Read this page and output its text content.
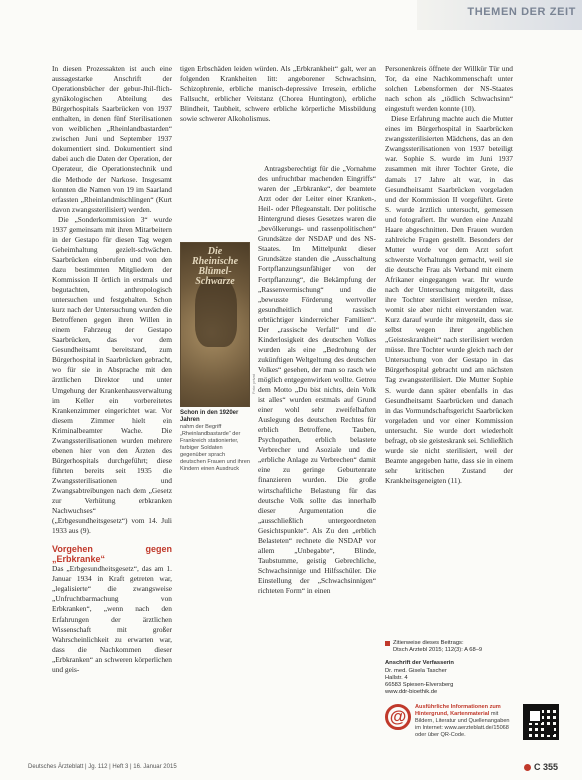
THEMEN DER ZEIT

In diesen Prozessakten ist auch eine aussagestarke Anschrift der Operationsbücher der gebur-Jhil-flich-gynäkologischen Abteilung des Bürgerhospitals Saarbrücken von 1937 enthalten, in denen fünf Sterilisationen von weiblichen „Rheinlandbastarden“ zwischen Juni und September 1937 dokumentiert sind. Dokumentiert sind dabei auch die Daten der Operation, der Operateur, die Operationstechnik und die Methode der Narkose. Insgesamt konnten die Namen von 19 im Saarland erfassten „Rheinlandmischlingen“ (Kurt davon zwangssterilisiert) werden.

Die „Sonderkommission 3“ wurde 1937 gemeinsam mit ihren Mitarbeitern in der Gestapo für diesen Tag wegen Geheimhaltung gezielt-schwächen. Saarbrücken einberufen und von den dazu bestimmten Mitgliedern der Kommission II örtlich in erstmals und begutachten, anthropologisch untersuchen und festgehalten. Schon kurz nach der Untersuchung wurden die Betroffenen gegen ihren Willen in einem Fahrzeug der Gestapo Saarbrücken, das vor dem Gesundheitsamt bereitstand, zum Bürgerhospital in Saarbrücken gebracht, wo für sie in Absprache mit den ärztlichen Direktor und unter Umgehung der Krankenhausverwaltung im Keller ein vorbereitetes Krankenzimmer eingerichtet war. Vor diesem Zimmer hielt ein Kriminalbeamter Wache. Die Zwangssterilisationen wurden mehrere ebenen hier von den Ärzten des Bürgerhospitals durchgeführt; diese führten bereits seit 1935 die Zwangssterilisationen und Zwangsabtreibungen nach dem „Gesetz zur Verhütung erbkranken Nachwuchses“ („Erbgesundheitsgesetz“) vom 14. Juli 1933 aus (9).

Vorgehen gegen „Erbkranke“

Das „Erbgesundheitsgesetz“, das am 1. Januar 1934 in Kraft getreten war, „legalisierte“ die zwangsweise „Unfruchtbarmachung von Erbkranken“, „wenn nach den Erfahrungen der ärztlichen Wissenschaft mit großer Wahrscheinlichkeit zu erwarten war, dass die Nachkommen dieser „Erbkranken“ an schweren körperlichen und geis-

tigen Erbschäden leiden würden. Als „Erbkrankheit“ galt, wer an folgenden Krankheiten litt: angeborener Schwachsinn, Schizophrenie, erbliche manisch-depressive Irresein, erbliche Fallsucht, erblicher Veitstanz (Chorea Huntington), erbliche Blindheit, Taubheit, schwere erbliche körperliche Missbildung sowie schwerer Alkoholismus.

Antragsberechtigt für die „Vornahme des unfruchtbar machenden Eingriffs“ waren der „Erbkranke“, der beamtete Arzt oder der Leiter einer Kranken-, Heil- oder Pflegeanstalt. Der politische Hintergrund dieses Gesetzes waren die „bevölkerungs- und rassenpolitischen“ Grundsätze der NSDAP und des NS-Staates. Im Mittelpunkt dieser Grundsätze standen die „Ausschaltung Fortpflanzungsunfähiger von der Fortpflanzung“, die Bekämpfung der „Rassenvermischung“ und die „bewusste Förderung wertvoller gesundheitlich und rassisch erbtüchtiger kinderreicher Familien“. Der „rassische Verfall“ und die Kinderlosigkeit des deutschen Volkes wurden als eine „Bedrohung der zukünftigen Weltgeltung des deutschen Volkes“ gesehen, der man so rasch wie möglich entgegenwirken wollte. Getreu dem Motto „Du bist nichts, dein Volk ist alles“ wurden erstmals auf Grund einer wohl sehr zweifelhaften Auslegung des deutschen Rechtes für erblich Betroffene, Tauben, Psychopathen, erblich belastete Verbrecher und Asoziale und die „erbliche Anlage zu Verbrechen“ damit eine zu geringe Geburtenrate finanzieren wurden. Die große wirtschaftliche Belastung für das deutsche Volk sollte das innerhalb dieser Argumentation die „ausschließlich untergeordneten Gesichtspunkte“. Als Zu den „erblich Belasteten“ rechnete die NSDAP vor allem „Unbegabte“, Blinde, Taubstumme, geistig Gebrechliche, Schwachsinnige und Hilfsschüler. Die Einstellung der „Schwachsinnigen“ richteten Form“ in einen

Die Rheinische Blümel-Schwarze
Foto: privat
Schon in den 1920er Jahren
nahm der Begriff „Rheinlandbastarde“ der Frankreich stationierter, farbiger Soldaten gegenüber sprach deutschen Frauen und ihren Kindern einen Ausdruck

Personenkreis öffnete der Willkür Tür und Tor, da eine Nachkommenschaft unter solchen Lebensformen der NS-Staates nach schon als „tödlich Schwachsinn“ eingestuft werden konnte (10).

Diese Erfahrung machte auch die Mutter eines im Bürgerhospital in Saarbrücken zwangssterilisierten Mädchens, das an den Zwangssterilisationen von 1937 beteiligt war. Sophie S. wurde im Juni 1937 zusammen mit ihrer Tochter Grete, die damals 17 Jahre alt war, in das Gesundheitsamt Saarbrücken vorgeladen und der Kommission II vorgeführt. Grete S. wurde ärztlich untersucht, gemessen und fotografiert. Ihr wurden eine Anzahl Haare abgeschnitten. Den Frauen wurden zahlreiche Fragen gestellt. Besonders der Mutter wurde vor dem Arzt sofort schwerste Vorhaltungen gemacht, weil sie die deutsche Frau als Verband mit einem Afrikaner eingegangen war. Ihr wurde nach der Untersuchung mitgeteilt, dass ihre Tochter sterilisiert werden müsse, womit sie aber nicht einverstanden war. Kurz darauf wurde ihr mitgeteilt, dass sie selbst wegen ihrer angeblichen „Geisteskrankheit“ nach sterilisiert werden müsse. Ihre Tochter wurde gleich nach der Untersuchung von der Gestapo in das Bürgerhospital gebracht und am nächsten Tag zwangssterilisiert. Die Mutter Sophie S. wurde dann später ebenfalls in das Gesundheitsamt Saarbrücken und danach in das Vormundschaftsgericht Saarbrücken vorgeladen und vor einer Kommission untersucht. Sie wurde dort wiederholt befragt, ob sie geisteskrank sei. Schließlich wurde sie nicht sterilisiert, weil der Beamte angegeben hatte, dass sie in einem sehr kritischen Zustand der Krankheitsgeneigten (11).

Zitierweise dieses Beitrags:
Dtsch Arztebl 2015; 112(3): A 68–9
Anschrift der Verfasserin
Dr. med. Gisela Tascher
Hallstr. 4
66583 Spiesen-Elversberg
www.ddr-bioethik.de
@	Ausführliche Informationen zum Hintergrund, Kartenmaterial mit Bildern, Literatur und Quellenangaben im Internet: www.aerzteblatt.de/15068 oder über QR-Code.
Deutsches Ärzteblatt | Jg. 112 | Heft 3 | 16. Januar 2015	C 355
